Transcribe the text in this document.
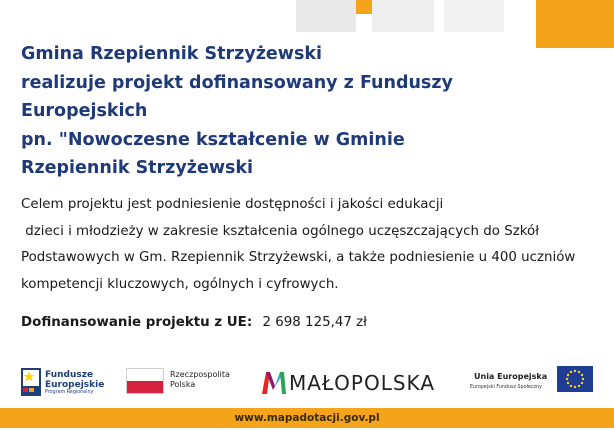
Gmina Rzepiennik Strzyżewski
realizuje projekt dofinansowany z Funduszy
Europejskich
pn. "Nowoczesne kształcenie w Gminie
Rzepiennik Strzyżewski
Celem projektu jest podniesienie dostępności i jakości edukacji
dzieci i młodzieży w zakresie kształcenia ogólnego uczęszczających do Szkół
Podstawowych w Gm. Rzepiennik Strzyżewski, a także podniesienie u 400 uczniów
kompetencji kluczowych, ogólnych i cyfrowych.
Dofinansowanie projektu z UE: 2 698 125,47 zł
Fundusze
Europejskie
Program Regionalny
Rzeczpospolita
Polska	MAŁOPOLSKA	Unia Europejska
Europejski Fundusz Społeczny
www.mapadotacji.gov.pl
